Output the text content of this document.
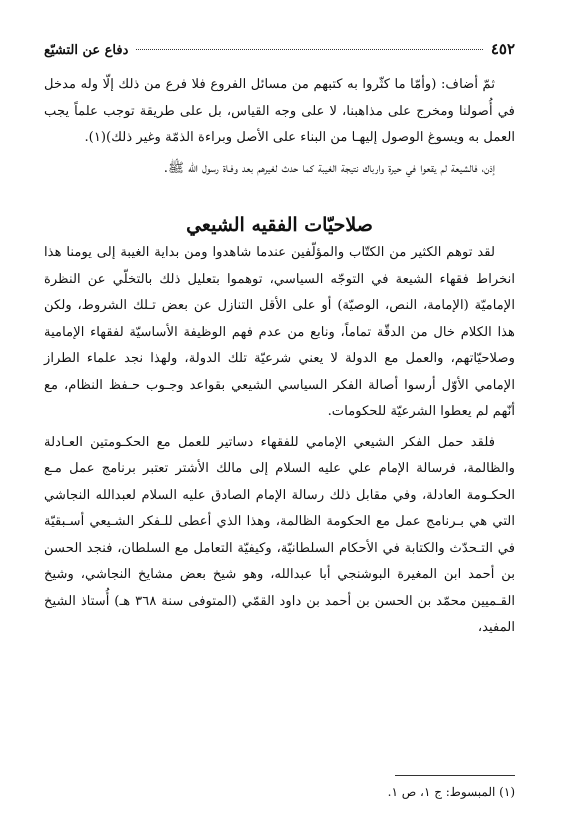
٤٥٢
دفاع عن التشيّع

ثمّ أضاف: (وأمّا ما كثّروا به كتبهم من مسائل الفروع فلا فرع من ذلك إلّا وله مدخل في أُصولنا ومخرج على مذاهبنا، لا على وجه القياس، بل على طريقة توجب علماً يجب العمل به ويسوغ الوصول إليهـا من البناء على الأصل وبراءة الذمّة وغير ذلك)(١).

إذن، فالشيعة لم يقعوا في حيرة وارباك نتيجة الغيبة كما حدث لغيرهم بعد وفـاة رسول الله ﷺ.

صلاحيّات الفقيه الشيعي

لقد توهم الكثير من الكتّاب والمؤلّفين عندما شاهدوا ومن بداية الغيبة إلى يومنا هذا انخراط فقهاء الشيعة في التوجّه السياسي، توهموا بتعليل ذلك بالتخلّي عن النظرة الإماميّة (الإمامة، النص، الوصيّة) أو على الأقل التنازل عن بعض تـلك الشروط، ولكن هذا الكلام خال من الدقّة تماماً، ونابع من عدم فهم الوظيفة الأساسيّة لفقهاء الإمامية وصلاحيّاتهم، والعمل مع الدولة لا يعني شرعيّة تلك الدولة، ولهذا نجد علماء الطراز الإمامي الأوّل أرسوا أصالة الفكر السياسي الشيعي بقواعد وجـوب حـفظ النظام، مع أنّهم لم يعطوا الشرعيّة للحكومات.

فلقد حمل الفكر الشيعي الإمامي للفقهاء دساتير للعمل مع الحكـومتين العـادلة والظالمة، فرسالة الإمام علي عليه السلام إلى مالك الأشتر تعتبر برنامج عمل مـع الحكـومة العادلة، وفي مقابل ذلك رسالة الإمام الصادق عليه السلام لعبدالله النجاشي التي هي بـرنامج عمل مع الحكومة الظالمة، وهذا الذي أعطى للـفكر الشـيعي أسـبقيّة في التـحدّث والكتابة في الأحكام السلطانيّة، وكيفيّة التعامل مع السلطان، فنجد الحسن بن أحمد ابن المغيرة البوشنجي أبا عبدالله، وهو شيخ بعض مشايخ النجاشي، وشيخ القـميين محمّد بن الحسن بن أحمد بن داود القمّي (المتوفى سنة ٣٦٨ هـ) أُستاذ الشيخ المفيد،

(١) المبسوط: ج ١، ص ١.
